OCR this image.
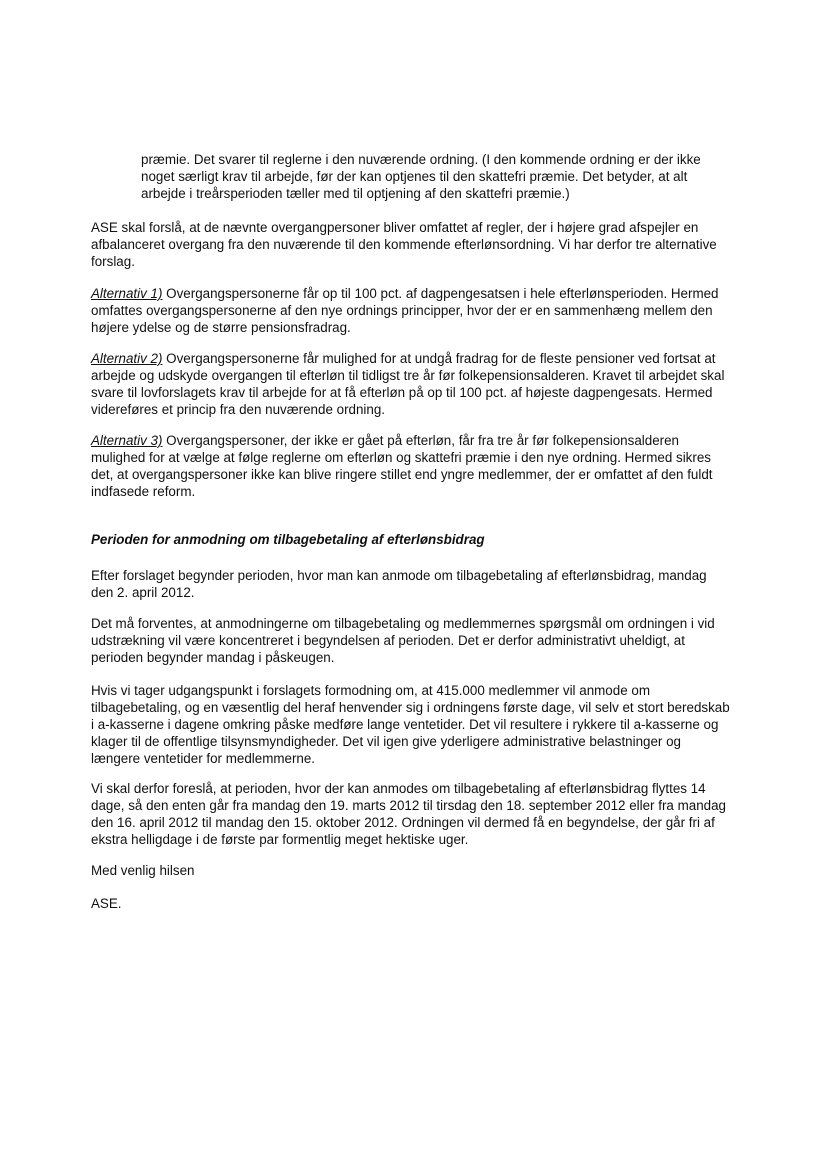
præmie. Det svarer til reglerne i den nuværende ordning. (I den kommende ordning er der ikke noget særligt krav til arbejde, før der kan optjenes til den skattefri præmie. Det betyder, at alt arbejde i treårsperioden tæller med til optjening af den skattefri præmie.)

ASE skal forslå, at de nævnte overgangpersoner bliver omfattet af regler, der i højere grad afspejler en afbalanceret overgang fra den nuværende til den kommende efterlønsordning. Vi har derfor tre alternative forslag.

Alternativ 1) Overgangspersonerne får op til 100 pct. af dagpengesatsen i hele efterlønsperioden. Hermed omfattes overgangspersonerne af den nye ordnings principper, hvor der er en sammenhæng mellem den højere ydelse og de større pensionsfradrag.

Alternativ 2) Overgangspersonerne får mulighed for at undgå fradrag for de fleste pensioner ved fortsat at arbejde og udskyde overgangen til efterløn til tidligst tre år før folkepensionsalderen. Kravet til arbejdet skal svare til lovforslagets krav til arbejde for at få efterløn på op til 100 pct. af højeste dagpengesats. Hermed videreføres et princip fra den nuværende ordning.

Alternativ 3) Overgangspersoner, der ikke er gået på efterløn, får fra tre år før folkepensionsalderen mulighed for at vælge at følge reglerne om efterløn og skattefri præmie i den nye ordning. Hermed sikres det, at overgangspersoner ikke kan blive ringere stillet end yngre medlemmer, der er omfattet af den fuldt indfasede reform.

Perioden for anmodning om tilbagebetaling af efterlønsbidrag

Efter forslaget begynder perioden, hvor man kan anmode om tilbagebetaling af efterlønsbidrag, mandag den 2. april 2012.

Det må forventes, at anmodningerne om tilbagebetaling og medlemmernes spørgsmål om ordningen i vid udstrækning vil være koncentreret i begyndelsen af perioden. Det er derfor administrativt uheldigt, at perioden begynder mandag i påskeugen.

Hvis vi tager udgangspunkt i forslagets formodning om, at 415.000 medlemmer vil anmode om tilbagebetaling, og en væsentlig del heraf henvender sig i ordningens første dage, vil selv et stort beredskab i a-kasserne i dagene omkring påske medføre lange ventetider. Det vil resultere i rykkere til a-kasserne og klager til de offentlige tilsynsmyndigheder. Det vil igen give yderligere administrative belastninger og længere ventetider for medlemmerne.

Vi skal derfor foreslå, at perioden, hvor der kan anmodes om tilbagebetaling af efterlønsbidrag flyttes 14 dage, så den enten går fra mandag den 19. marts 2012 til tirsdag den 18. september 2012 eller fra mandag den 16. april 2012 til mandag den 15. oktober 2012. Ordningen vil dermed få en begyndelse, der går fri af ekstra helligdage i de første par formentlig meget hektiske uger.

Med venlig hilsen

ASE.
